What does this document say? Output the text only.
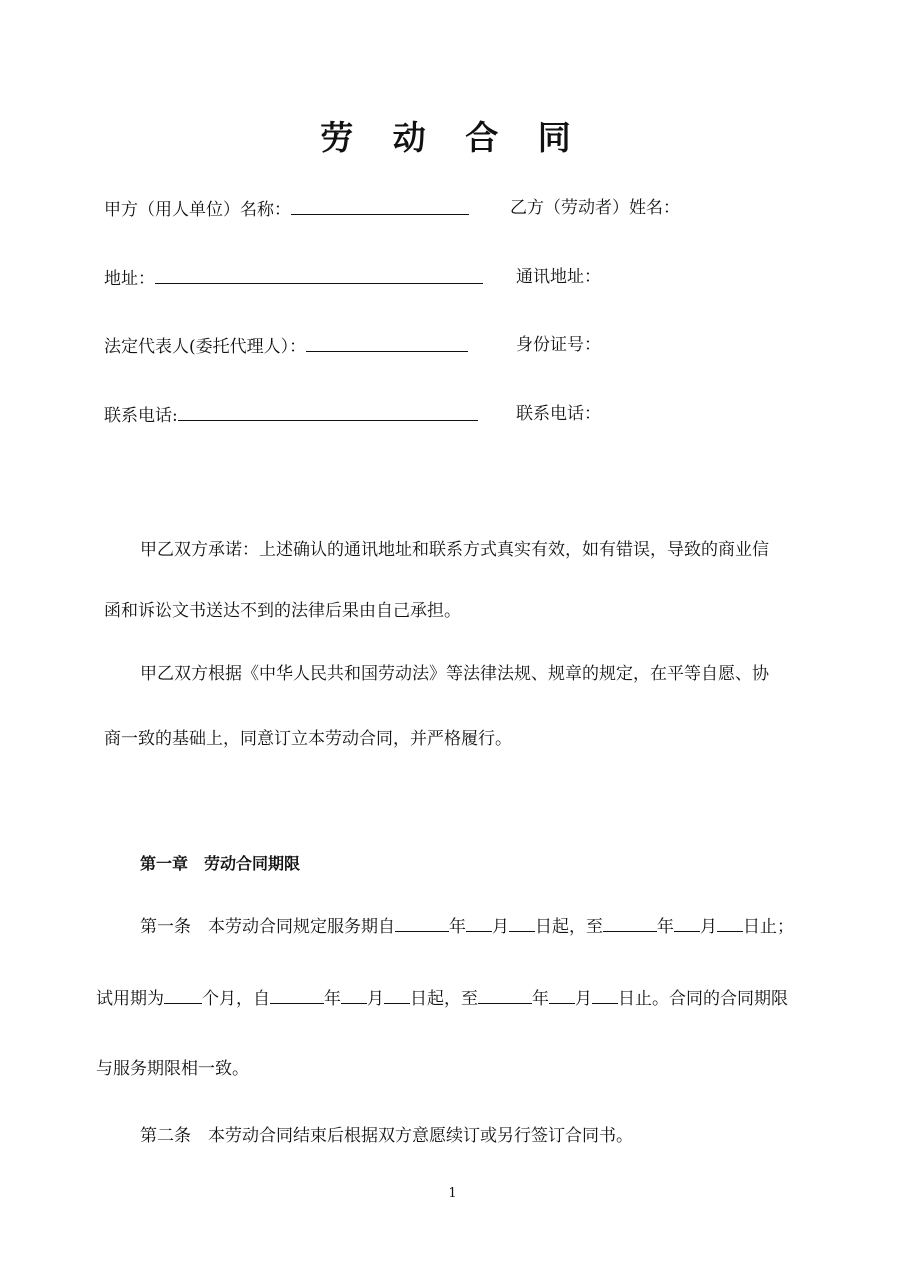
劳 动 合 同
甲方（用人单位）名称：	乙方（劳动者）姓名：
地址：	通讯地址：
法定代表人(委托代理人）：	身份证号：
联系电话:	联系电话：
甲乙双方承诺：上述确认的通讯地址和联系方式真实有效，如有错误，导致的商业信
函和诉讼文书送达不到的法律后果由自己承担。
甲乙双方根据《中华人民共和国劳动法》等法律法规、规章的规定，在平等自愿、协
商一致的基础上，同意订立本劳动合同，并严格履行。
第一章　劳动合同期限
第一条　本劳动合同规定服务期自	年 月 日起，至	年 月 日止；
试用期为 个月，自	年 月 日起，至	年 月 日止。合同的合同期限
与服务期限相一致。
第二条　本劳动合同结束后根据双方意愿续订或另行签订合同书。
1
